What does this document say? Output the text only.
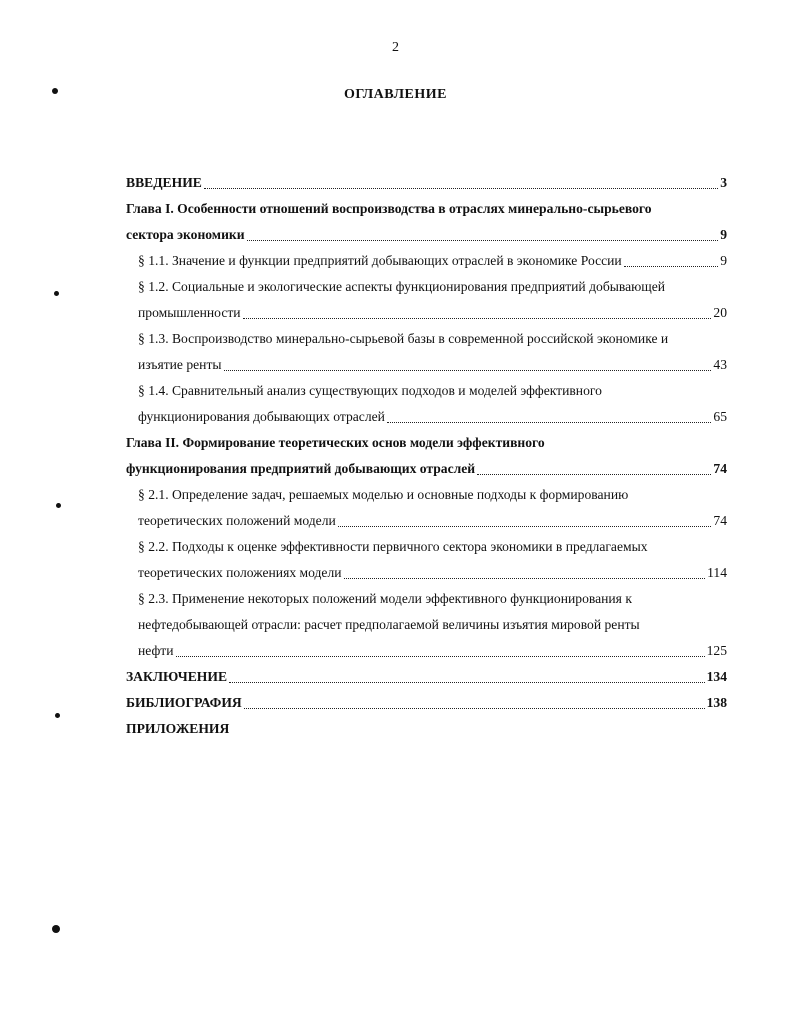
2
ОГЛАВЛЕНИЕ
ВВЕДЕНИЕ	3
Глава I. Особенности отношений воспроизводства в отраслях минерально-сырьевого
сектора экономики	9
§ 1.1. Значение и функции предприятий добывающих отраслей в экономике России	9
§ 1.2. Социальные и экологические аспекты функционирования предприятий добывающей
промышленности	20
§ 1.3. Воспроизводство минерально-сырьевой базы в современной российской экономике и
изъятие ренты	43
§ 1.4. Сравнительный анализ существующих подходов и моделей эффективного
функционирования добывающих отраслей	65
Глава II. Формирование теоретических основ модели эффективного
функционирования предприятий добывающих отраслей	74
§ 2.1. Определение задач, решаемых моделью и основные подходы к формированию
теоретических положений модели	74
§ 2.2. Подходы к оценке эффективности первичного сектора экономики в предлагаемых
теоретических положениях модели	114
§ 2.3. Применение некоторых положений модели эффективного функционирования к
нефтедобывающей отрасли: расчет предполагаемой величины изъятия мировой ренты
нефти	125
ЗАКЛЮЧЕНИЕ	134
БИБЛИОГРАФИЯ	138
ПРИЛОЖЕНИЯ
